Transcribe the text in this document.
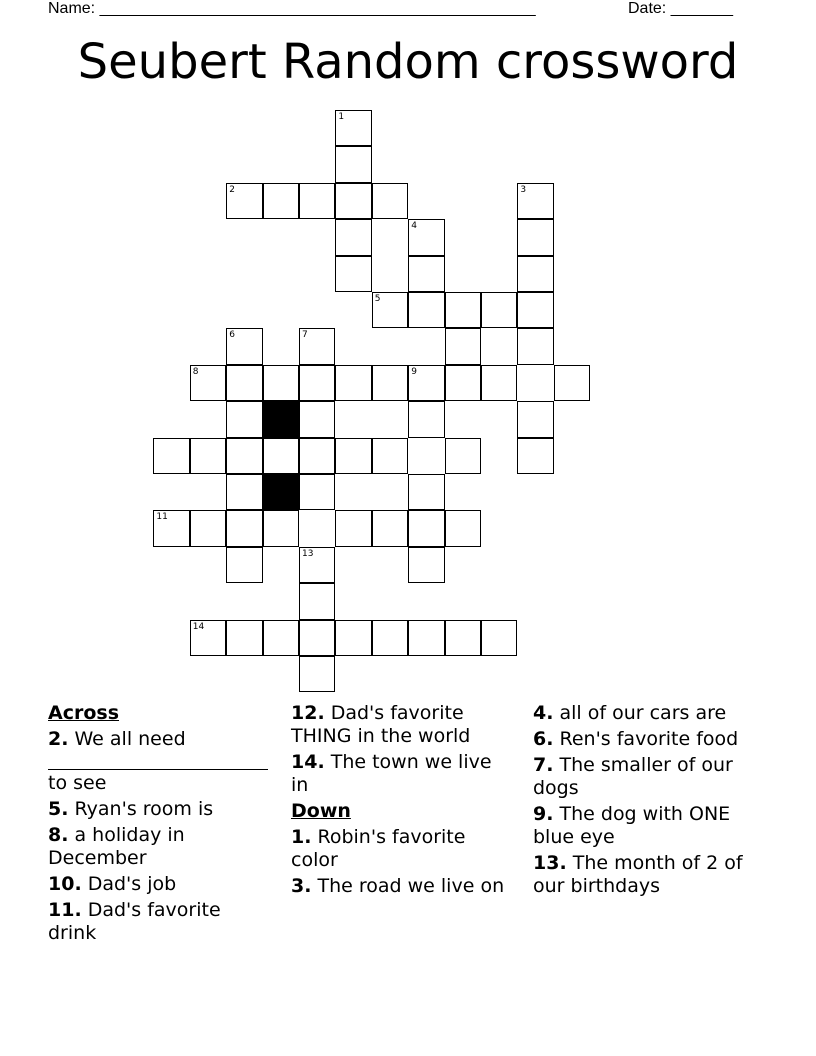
Name: _________________________________________________	Date: _______
Seubert Random crossword
1
2	3
4
5
6	7
8	9
11
13
14
Across
2. We all need
to see
5. Ryan's room is
8. a holiday in December
10. Dad's job
11. Dad's favorite drink
12. Dad's favorite THING in the world
14. The town we live in
Down
1. Robin's favorite color
3. The road we live on
4. all of our cars are
6. Ren's favorite food
7. The smaller of our dogs
9. The dog with ONE blue eye
13. The month of 2 of our birthdays
